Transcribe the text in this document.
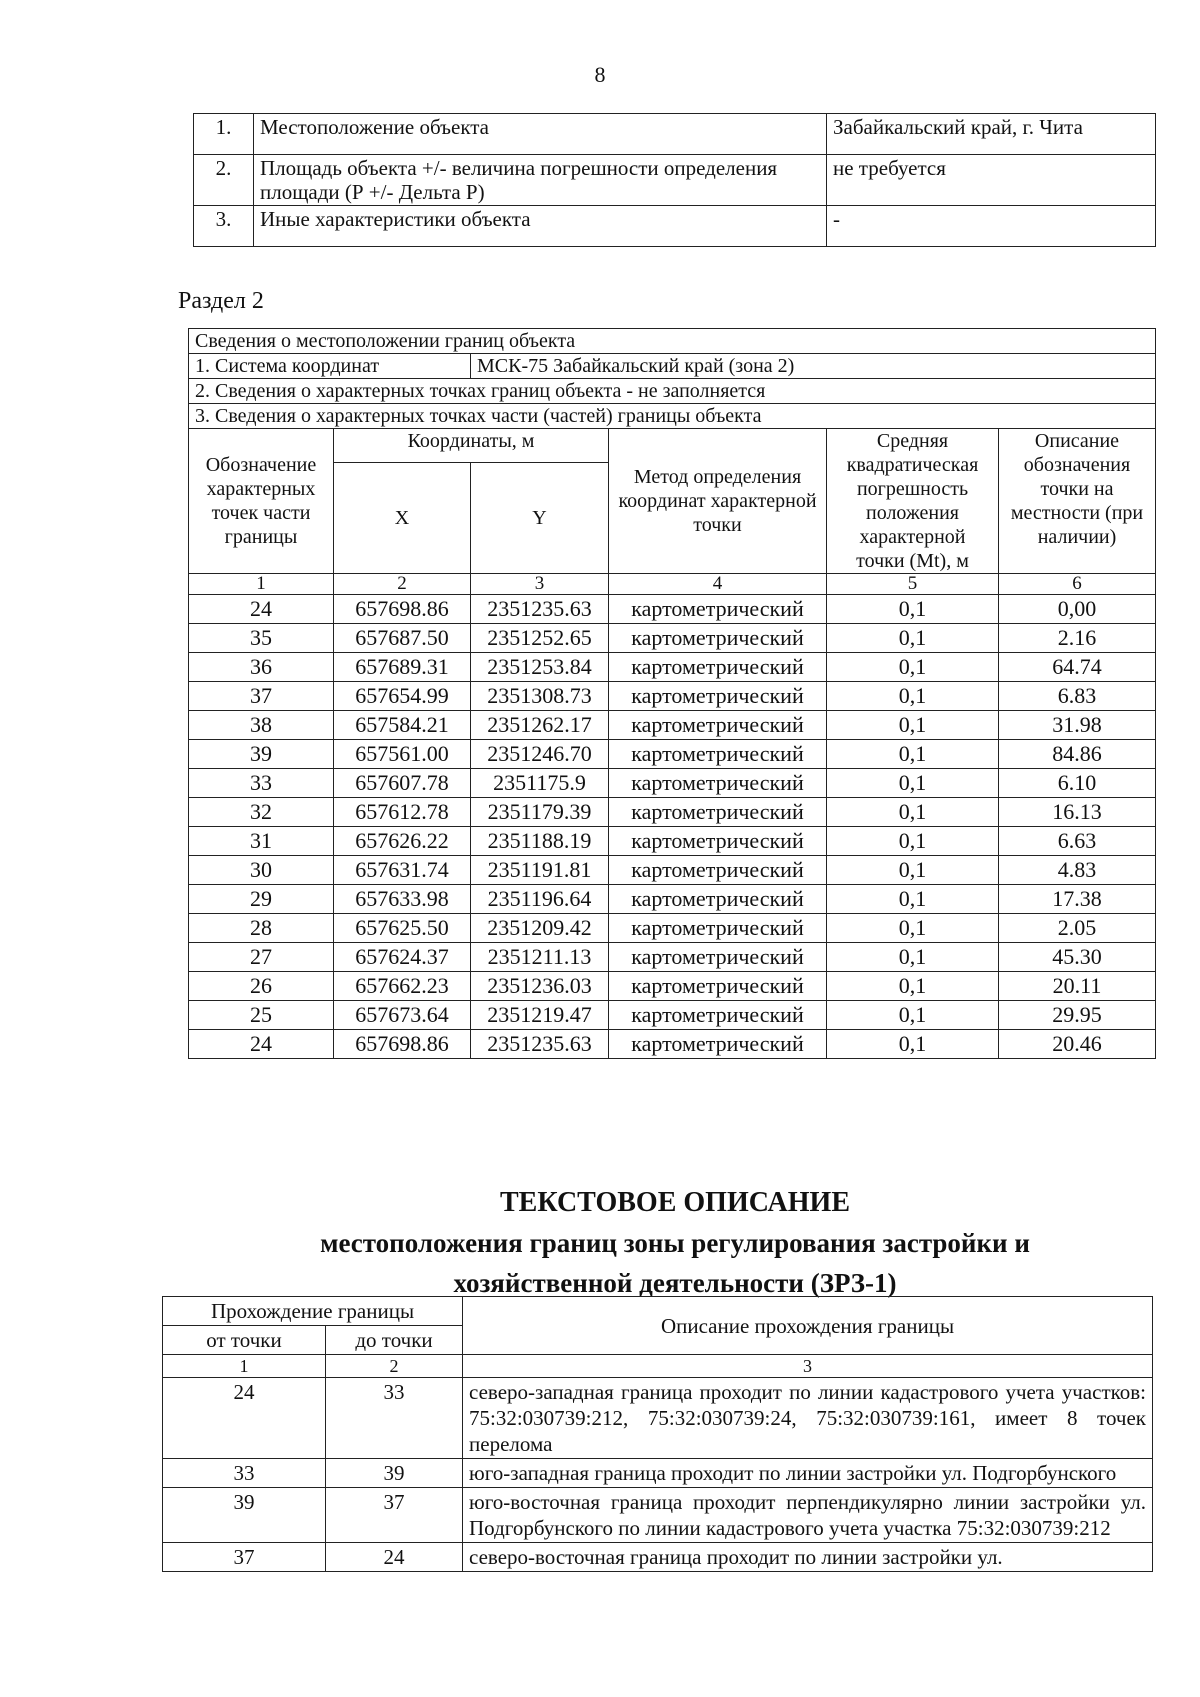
8
1.	Местоположение объекта	Забайкальский край, г. Чита
2.	Площадь объекта +/- величина погрешности определения площади (Р +/- Дельта Р)	не требуется
3.	Иные характеристики объекта	-
Раздел 2
Сведения о местоположении границ объекта					
1. Система координат		МСК-75 Забайкальский край (зона 2)			
2. Сведения о характерных точках границ объекта - не заполняется					
3. Сведения о характерных точках части (частей) границы объекта					
Обозначение характерных точек части границы	Координаты, м		Метод определения координат характерной точки	Средняя квадратическая погрешность положения характерной точки (Mt), м	Описание обозначения точки на местности (при наличии)
	X	Y			
1	2	3	4	5	6
24	657698.86	2351235.63	картометрический	0,1	0,00
35	657687.50	2351252.65	картометрический	0,1	2.16
36	657689.31	2351253.84	картометрический	0,1	64.74
37	657654.99	2351308.73	картометрический	0,1	6.83
38	657584.21	2351262.17	картометрический	0,1	31.98
39	657561.00	2351246.70	картометрический	0,1	84.86
33	657607.78	2351175.9	картометрический	0,1	6.10
32	657612.78	2351179.39	картометрический	0,1	16.13
31	657626.22	2351188.19	картометрический	0,1	6.63
30	657631.74	2351191.81	картометрический	0,1	4.83
29	657633.98	2351196.64	картометрический	0,1	17.38
28	657625.50	2351209.42	картометрический	0,1	2.05
27	657624.37	2351211.13	картометрический	0,1	45.30
26	657662.23	2351236.03	картометрический	0,1	20.11
25	657673.64	2351219.47	картометрический	0,1	29.95
24	657698.86	2351235.63	картометрический	0,1	20.46
ТЕКСТОВОЕ ОПИСАНИЕ
местоположения границ зоны регулирования застройки и
хозяйственной деятельности (ЗРЗ-1)
Прохождение границы		Описание прохождения границы
от точки	до точки	
1	2	3
24	33	северо-западная граница проходит по линии кадастрового учета участков: 75:32:030739:212, 75:32:030739:24, 75:32:030739:161, имеет 8 точек перелома
33	39	юго-западная граница проходит по линии застройки ул. Подгорбунского
39	37	юго-восточная граница проходит перпендикулярно линии застройки ул. Подгорбунского по линии кадастрового учета участка 75:32:030739:212
37	24	северо-восточная граница проходит по линии застройки ул.
